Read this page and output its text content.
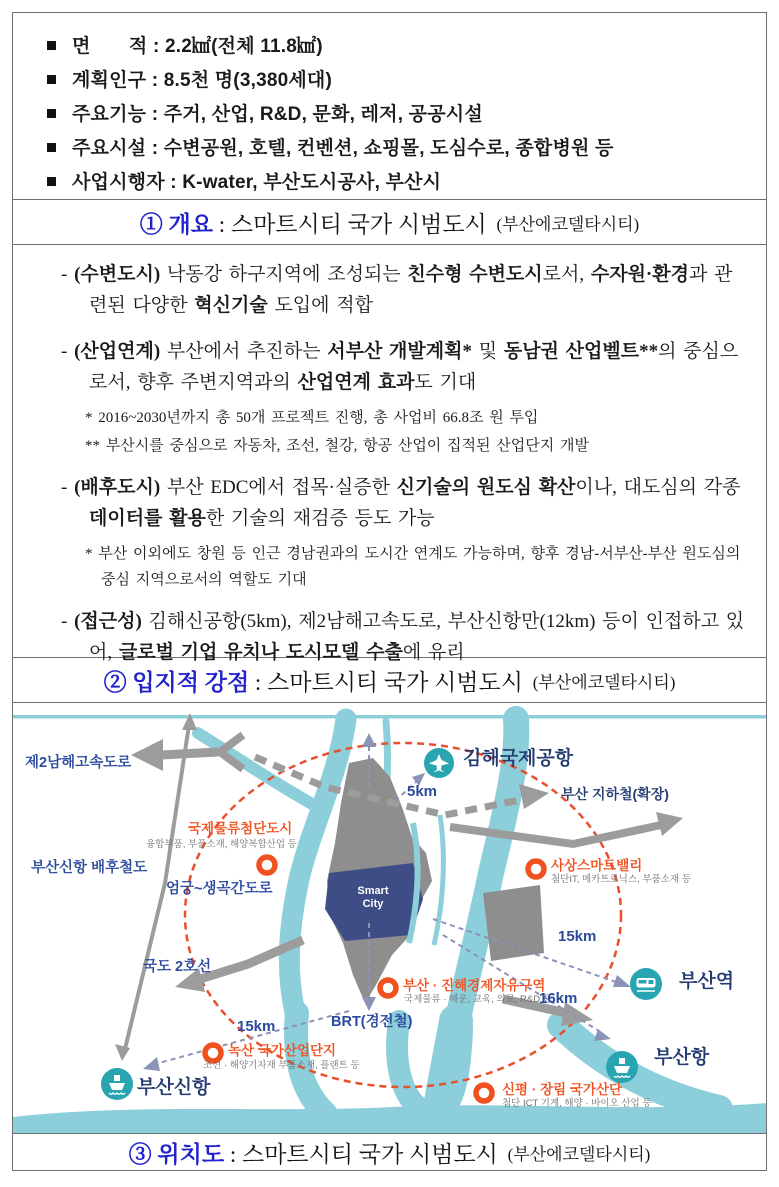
면       적 : 2.2㎢(전체 11.8㎢)
계획인구 : 8.5천 명(3,380세대)
주요기능 : 주거, 산업, R&D, 문화, 레저, 공공시설
주요시설 : 수변공원, 호텔, 컨벤션, 쇼핑몰, 도심수로, 종합병원 등
사업시행자 : K-water, 부산도시공사, 부산시
① 개요 : 스마트시티 국가 시범도시 (부산에코델타시티)
- (수변도시) 낙동강 하구지역에 조성되는 친수형 수변도시로서, 수자원·환경과 관련된 다양한 혁신기술 도입에 적합
- (산업연계) 부산에서 추진하는 서부산 개발계획* 및 동남권 산업벨트**의 중심으로서, 향후 주변지역과의 산업연계 효과도 기대
* 2016~2030년까지 총 50개 프로젝트 진행, 총 사업비 66.8조 원 투입
** 부산시를 중심으로 자동차, 조선, 철강, 항공 산업이 집적된 산업단지 개발
- (배후도시) 부산 EDC에서 접목·실증한 신기술의 원도심 확산이나, 대도심의 각종 데이터를 활용한 기술의 재검증 등도 가능
* 부산 이외에도 창원 등 인근 경남권과의 도시간 연계도 가능하며, 향후 경남-서부산-부산 원도심의 중심 지역으로서의 역할도 기대
- (접근성) 김해신공항(5km), 제2남해고속도로, 부산신항만(12km) 등이 인접하고 있어, 글로벌 기업 유치나 도시모델 수출에 유리
② 입지적 강점 : 스마트시티 국가 시범도시 (부산에코델타시티)
제2남해고속도로
부산신항 배후철도
엄궁~생곡간도로
국제물류첨단도시
융합부품, 부품소재, 해양복합산업 등
국도 2호선
녹산 국가산업단지
조선 · 해양기자재 부품소재, 플랜트 등
부산신항
BRT(경전철)
15km
부산 · 진해경제자유구역
국제물류 · 해운, 교육, 의료, R&D 등
신평 · 장림 국가산단
첨단 ICT 기계, 해양 · 바이오 산업 등
김해국제공항
5km	부산 지하철(확장)
사상스마트밸리
첨단IT, 메카트로닉스, 부품소재 등
15km
16km
부산역
부산항
Smart City
③ 위치도 : 스마트시티 국가 시범도시 (부산에코델타시티)
